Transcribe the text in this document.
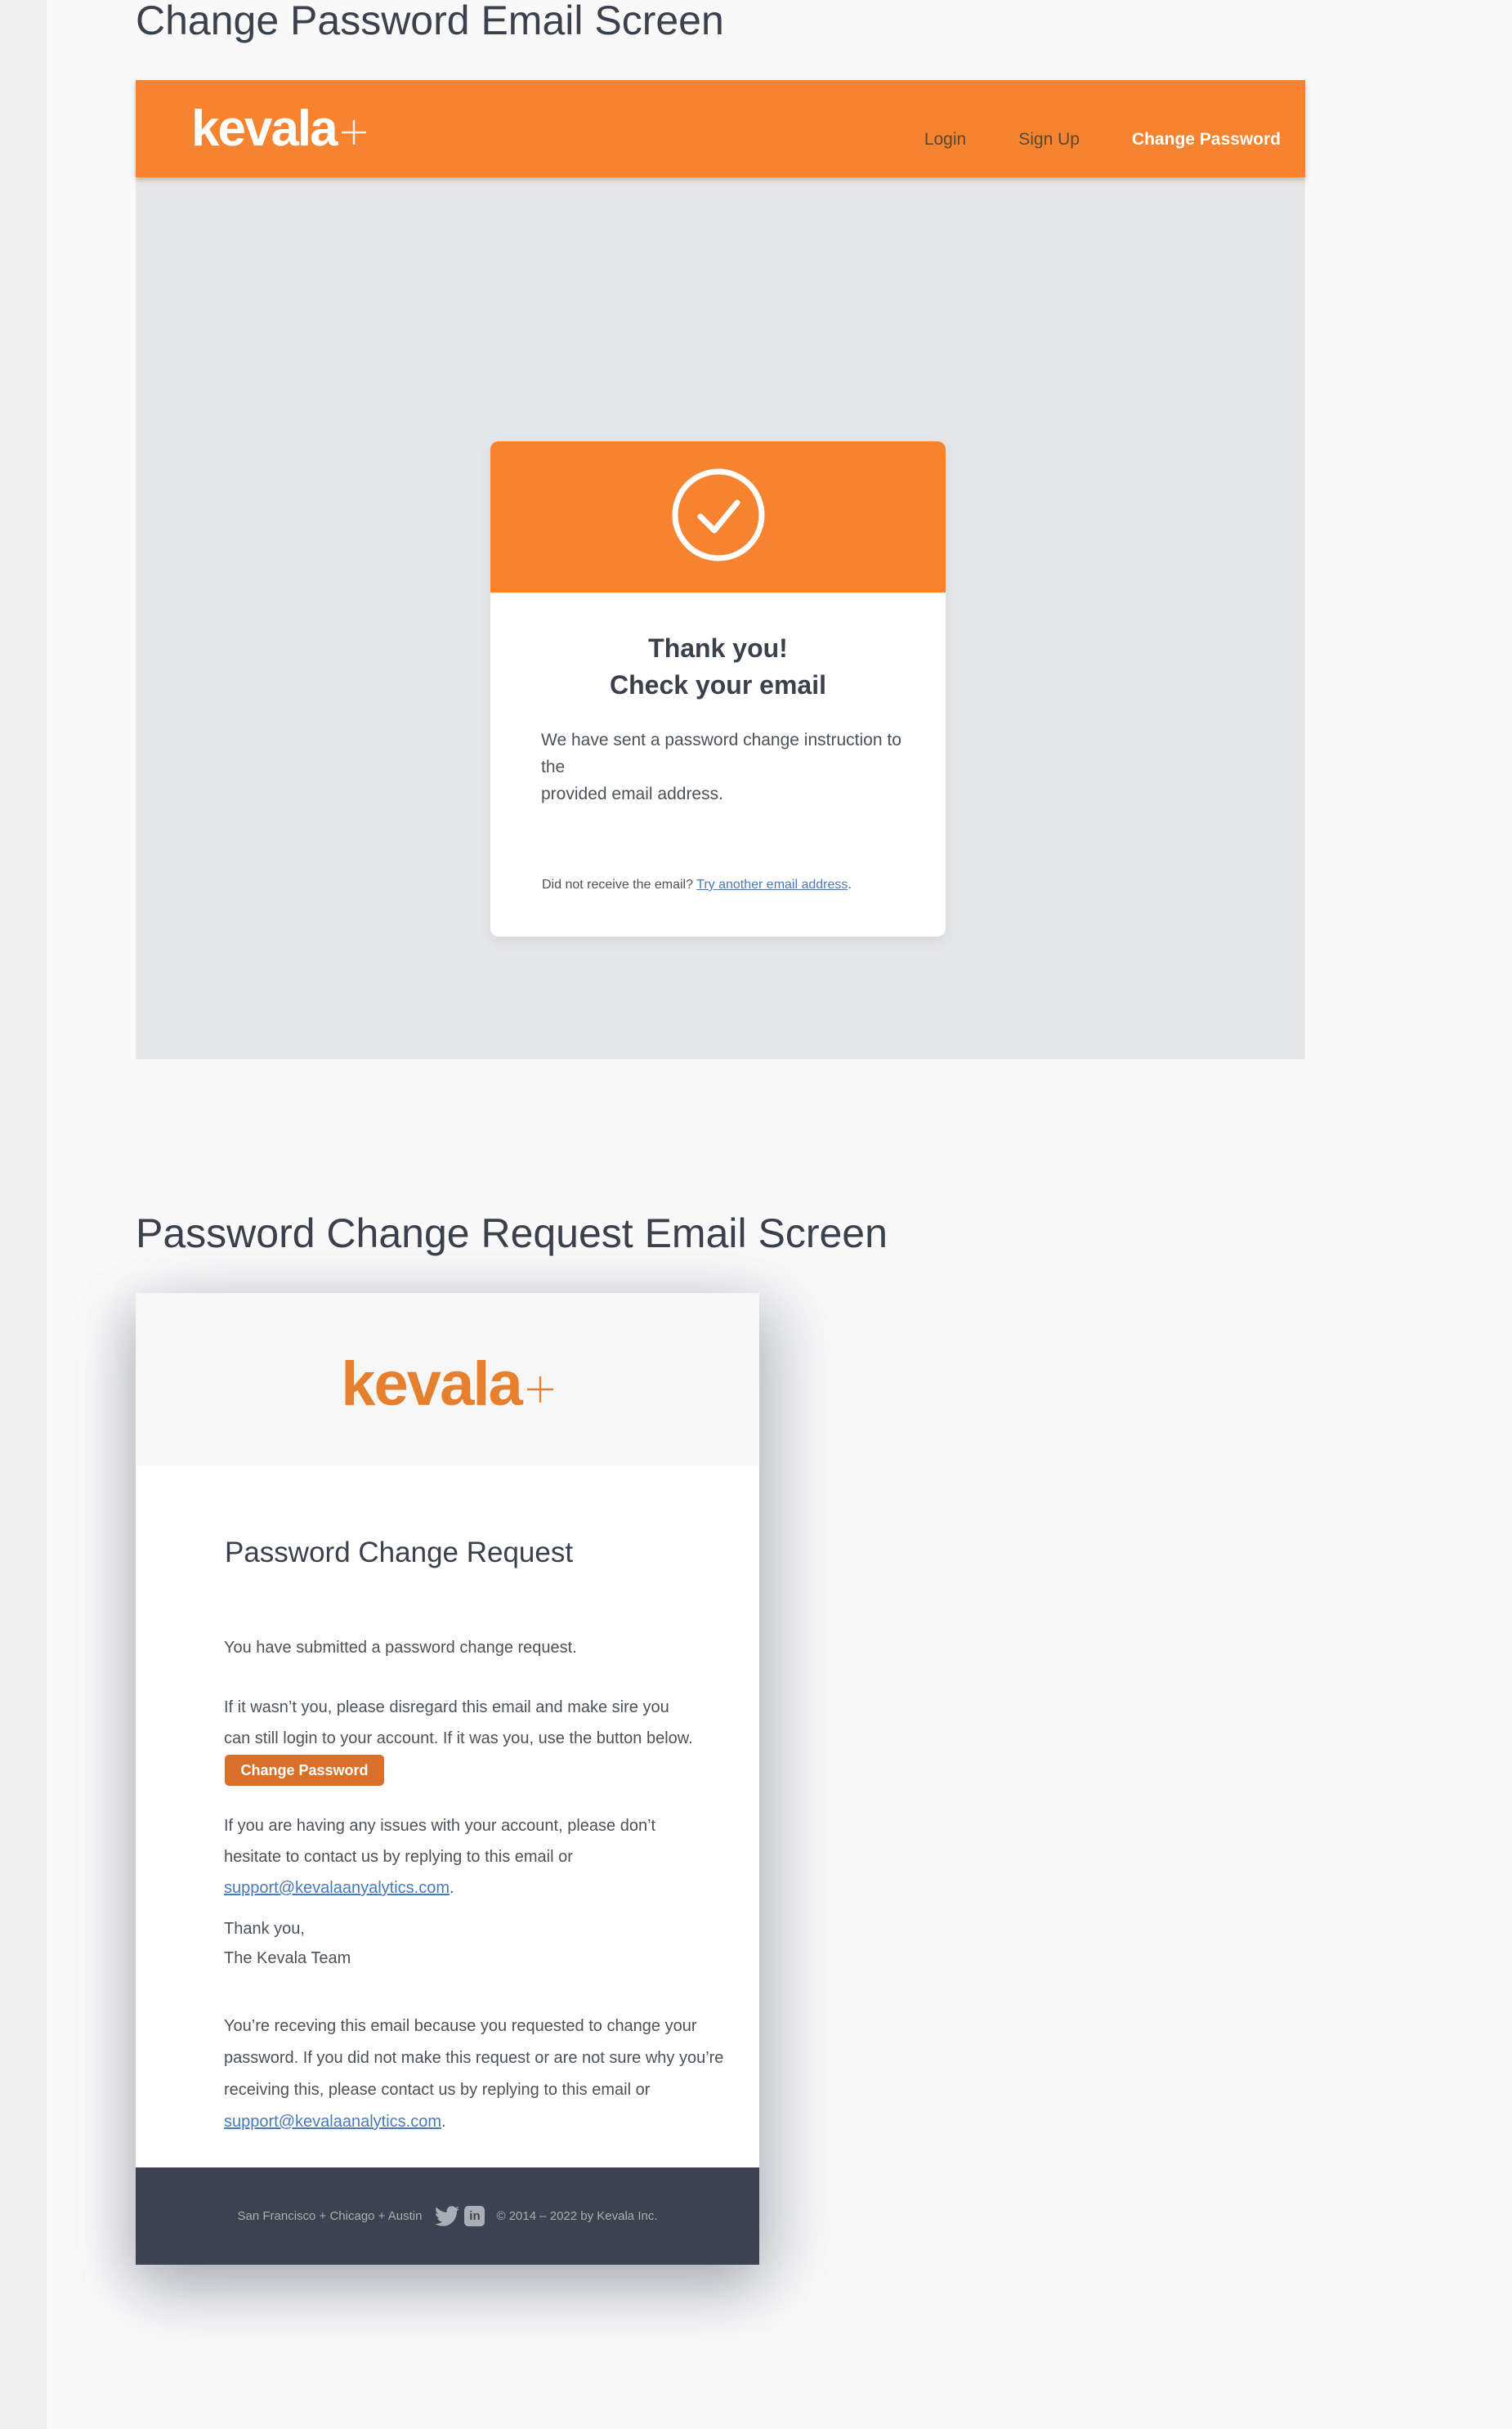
Change Password Email Screen
kevala	Login	Sign Up	Change Password
Thank you!
Check your email
We have sent a password change instruction to the
provided email address.
Did not receive the email? Try another email address.
Password Change Request Email Screen
kevala
Password Change Request
You have submitted a password change request.
If it wasn’t you, please disregard this email and make sire you
can still login to your account. If it was you, use the button below.
Change Password
If you are having any issues with your account, please don’t
hesitate to contact us by replying to this email or
support@kevalaanyalytics.com.
Thank you,
The Kevala Team
You’re receving this email because you requested to change your
password. If you did not make this request or are not sure why you’re
receiving this, please contact us by replying to this email or
support@kevalaanalytics.com.
San Francisco + Chicago + Austin	in	© 2014 – 2022 by Kevala Inc.
